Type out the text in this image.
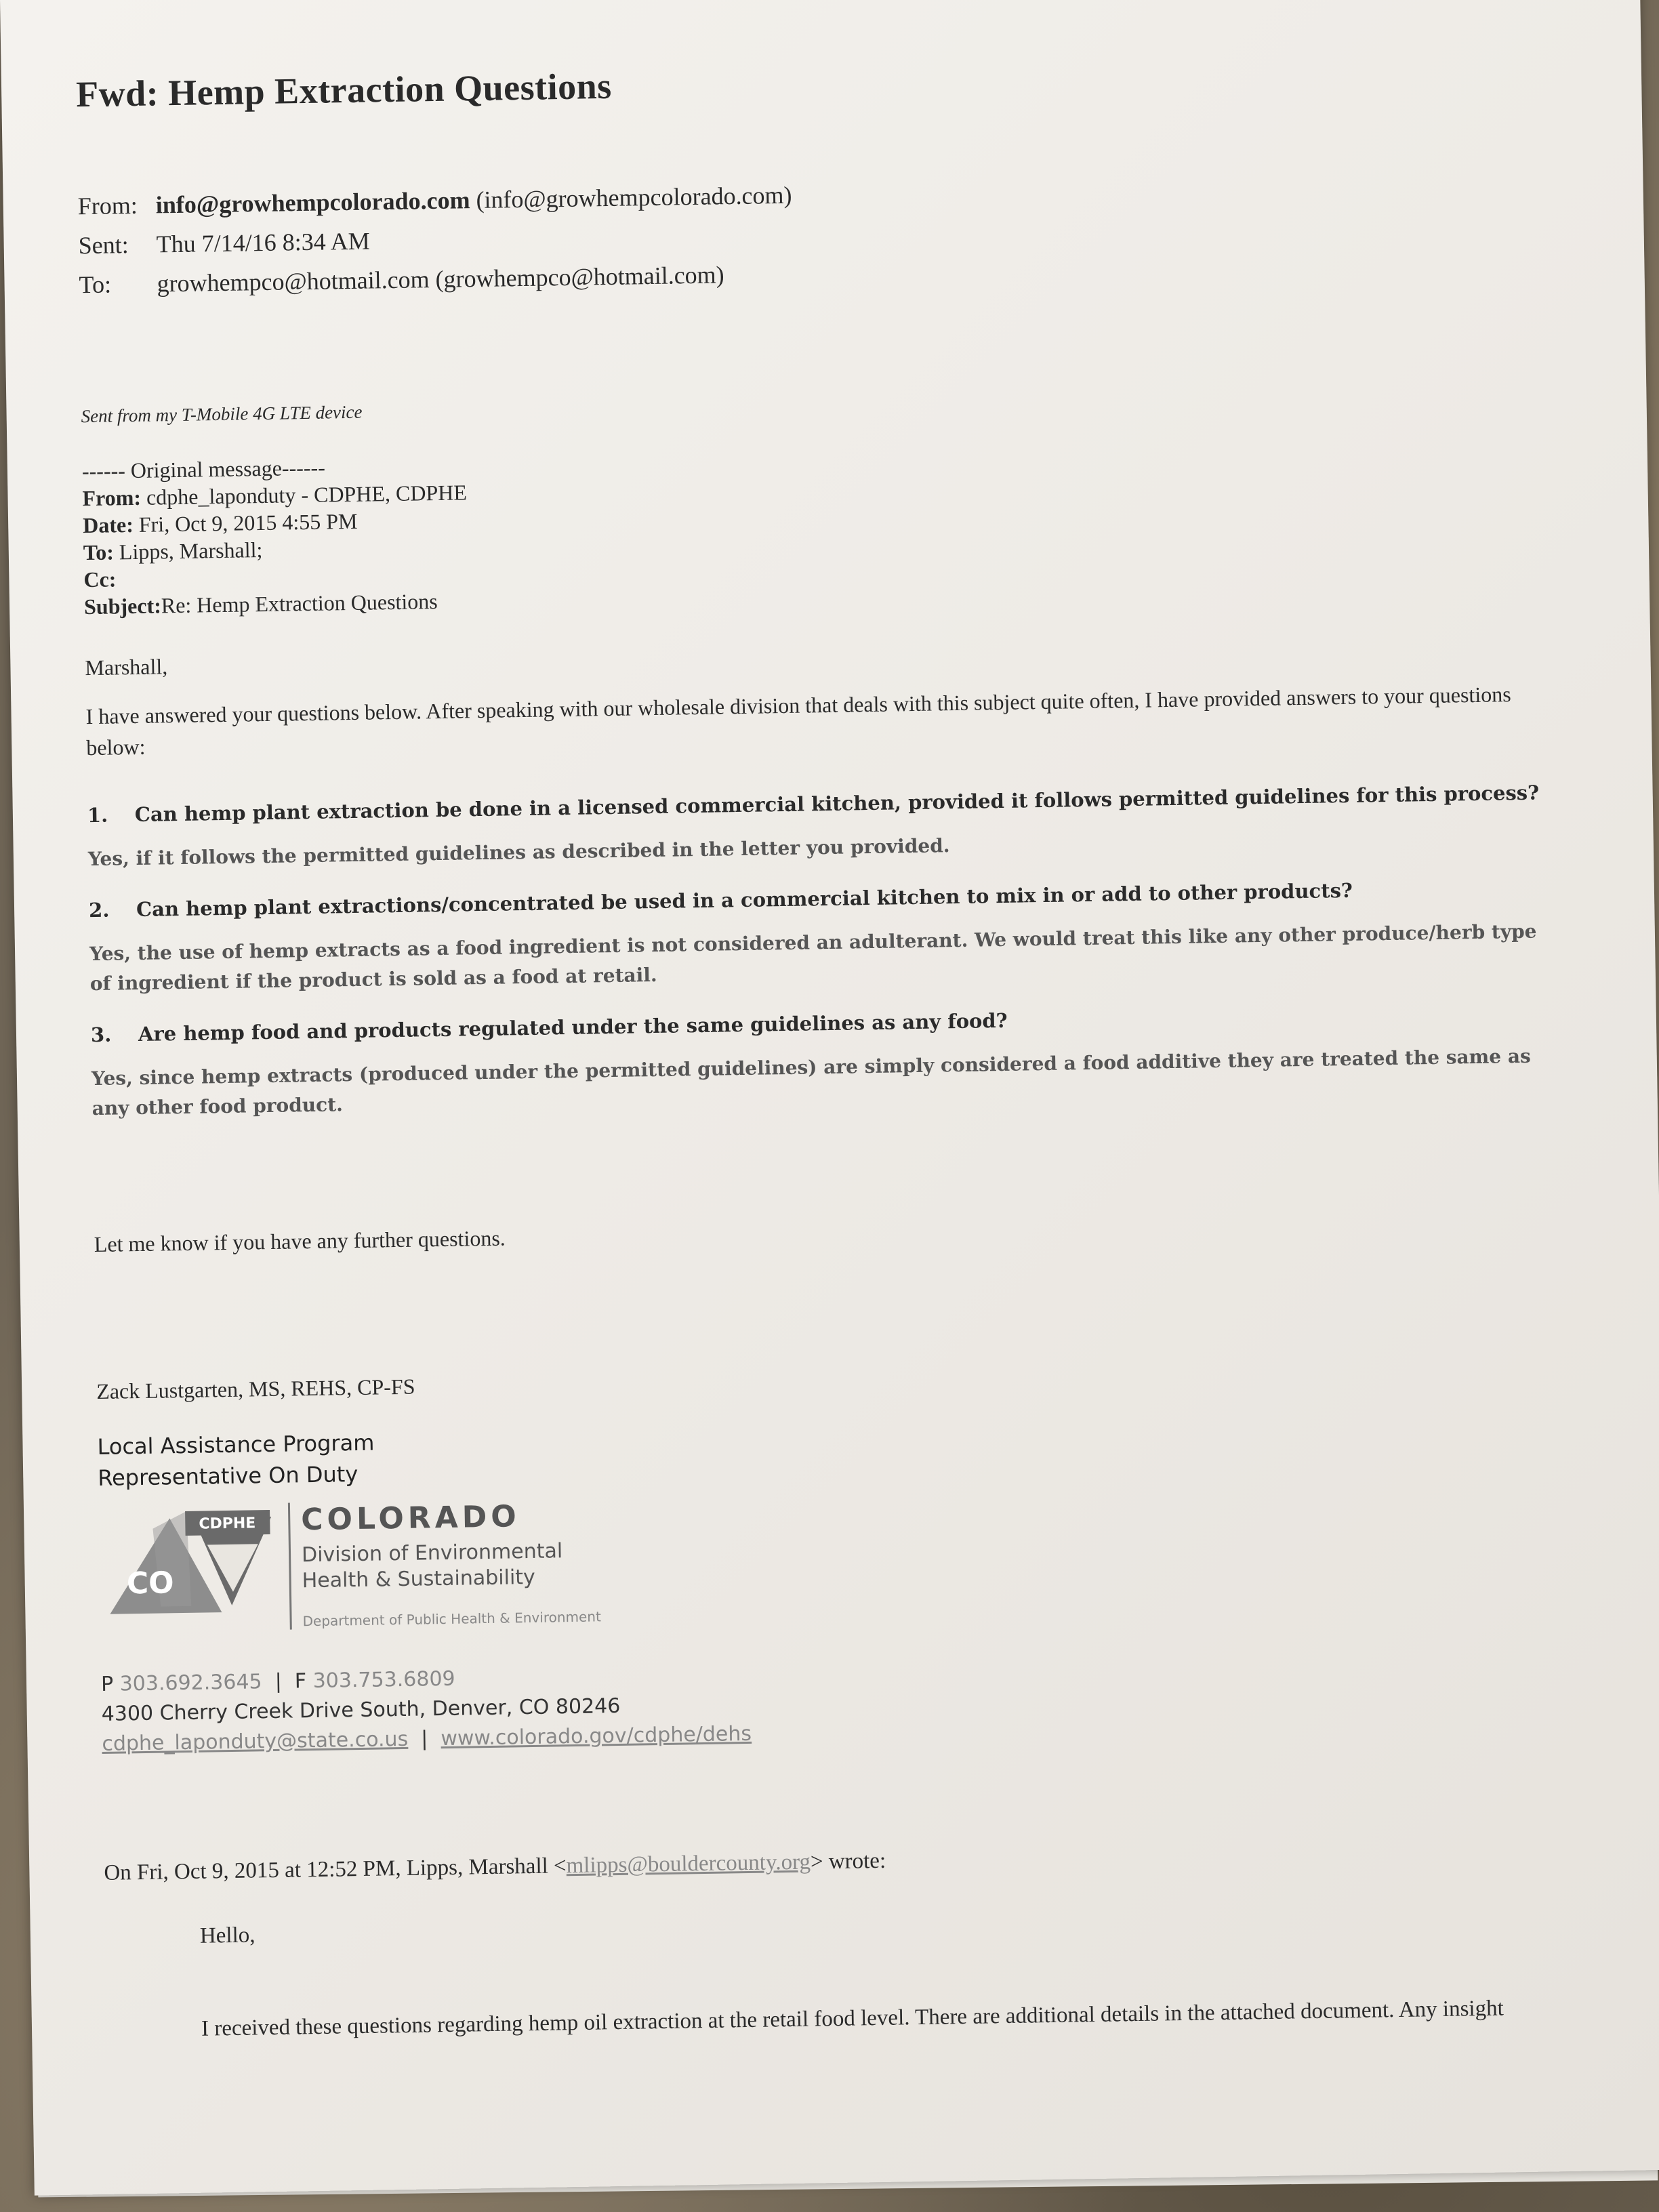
Fwd: Hemp Extraction Questions
From: info@growhempcolorado.com (info@growhempcolorado.com)
Sent:	Thu 7/14/16 8:34 AM
To:	growhempco@hotmail.com (growhempco@hotmail.com)
Sent from my T-Mobile 4G LTE device
------ Original message------
From: cdphe_laponduty - CDPHE, CDPHE
Date: Fri, Oct 9, 2015 4:55 PM
To: Lipps, Marshall;
Cc:
Subject:Re: Hemp Extraction Questions
Marshall,
I have answered your questions below. After speaking with our wholesale division that deals with this subject quite often, I have provided answers to your questions below:
1.	Can hemp plant extraction be done in a licensed commercial kitchen, provided it follows permitted guidelines for this process?
Yes, if it follows the permitted guidelines as described in the letter you provided.
2.	Can hemp plant extractions/concentrated be used in a commercial kitchen to mix in or add to other products?
Yes, the use of hemp extracts as a food ingredient is not considered an adulterant. We would treat this like any other produce/herb type of ingredient if the product is sold as a food at retail.
3.	Are hemp food and products regulated under the same guidelines as any food?
Yes, since hemp extracts (produced under the permitted guidelines) are simply considered a food additive they are treated the same as any other food product.
Let me know if you have any further questions.
Zack Lustgarten, MS, REHS, CP-FS
Local Assistance Program
Representative On Duty
CDPHE
CO
COLORADO
Division of Environmental
Health & Sustainability
Department of Public Health & Environment
P 303.692.3645 | F 303.753.6809
4300 Cherry Creek Drive South, Denver, CO 80246
cdphe_laponduty@state.co.us | www.colorado.gov/cdphe/dehs
On Fri, Oct 9, 2015 at 12:52 PM, Lipps, Marshall <mlipps@bouldercounty.org> wrote:
Hello,
I received these questions regarding hemp oil extraction at the retail food level. There are additional details in the attached document. Any insight
